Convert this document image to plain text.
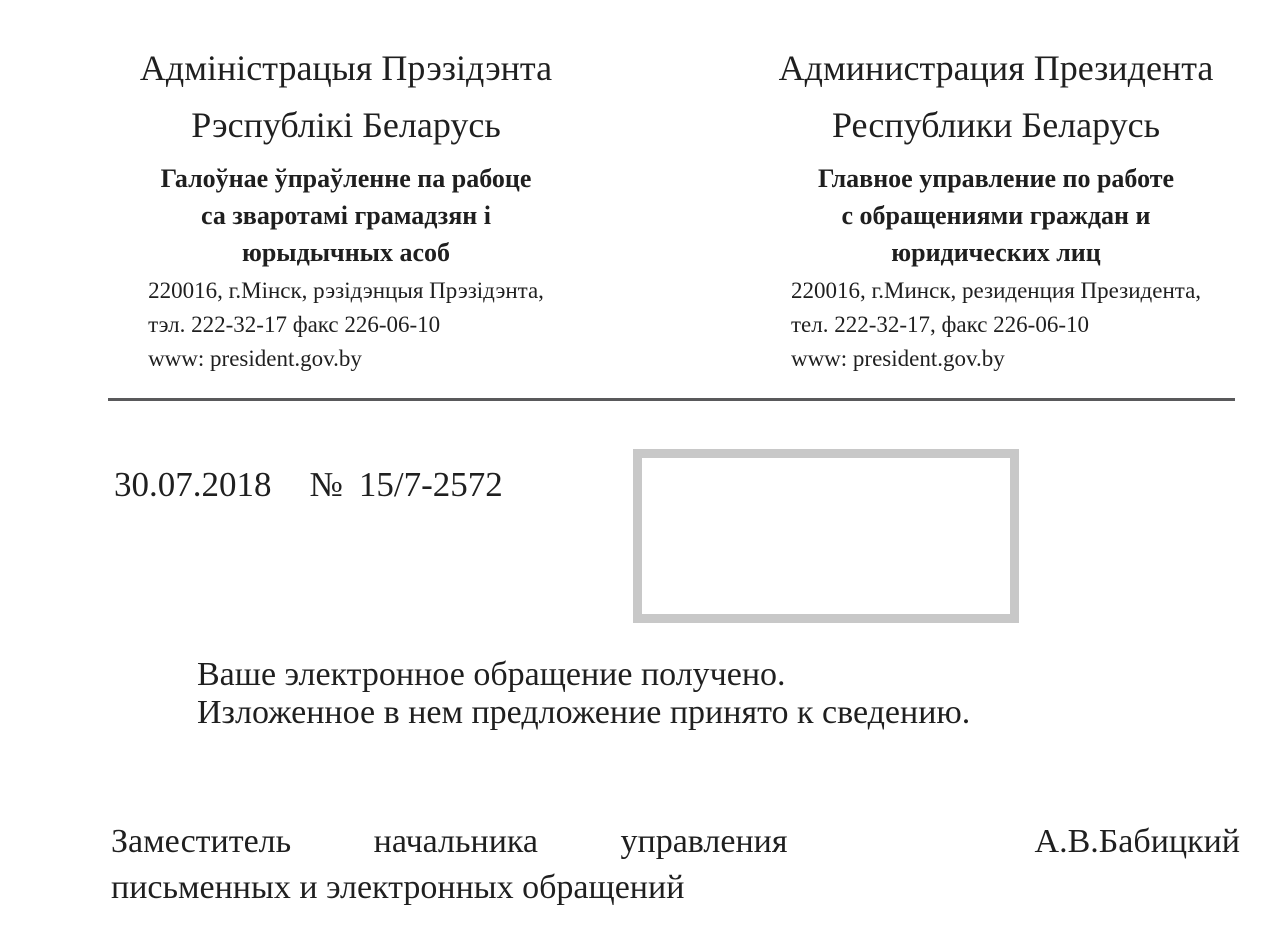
Адміністрацыя Прэзідэнта
Рэспублікі Беларусь
Галоўнае ўпраўленне па рабоце
са зваротамі грамадзян і
юрыдычных асоб
220016, г.Мінск, рэзідэнцыя Прэзідэнта,
тэл. 222-32-17 факс 226-06-10
www: president.gov.by
Администрация Президента
Республики Беларусь
Главное управление по работе
с обращениями граждан и
юридических лиц
220016, г.Минск, резиденция Президента,
тел. 222-32-17, факс 226-06-10
www: president.gov.by
30.07.2018 № 15/7-2572
Ваше электронное обращение получено.
Изложенное в нем предложение принято к сведению.
Заместитель начальника управления	А.В.Бабицкий
письменных и электронных обращений
